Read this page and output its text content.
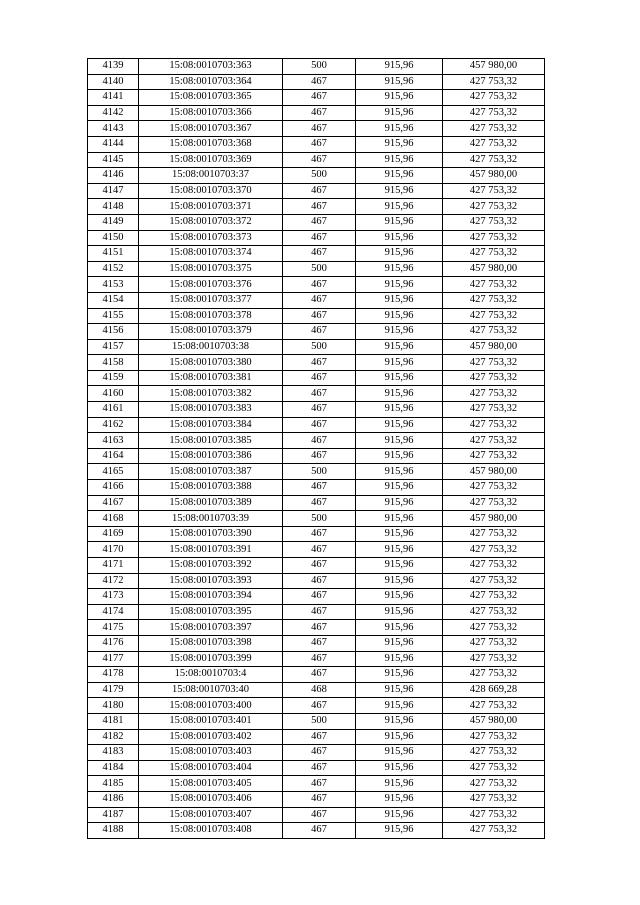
4139	15:08:0010703:363	500	915,96	457 980,00
4140	15:08:0010703:364	467	915,96	427 753,32
4141	15:08:0010703:365	467	915,96	427 753,32
4142	15:08:0010703:366	467	915,96	427 753,32
4143	15:08:0010703:367	467	915,96	427 753,32
4144	15:08:0010703:368	467	915,96	427 753,32
4145	15:08:0010703:369	467	915,96	427 753,32
4146	15:08:0010703:37	500	915,96	457 980,00
4147	15:08:0010703:370	467	915,96	427 753,32
4148	15:08:0010703:371	467	915,96	427 753,32
4149	15:08:0010703:372	467	915,96	427 753,32
4150	15:08:0010703:373	467	915,96	427 753,32
4151	15:08:0010703:374	467	915,96	427 753,32
4152	15:08:0010703:375	500	915,96	457 980,00
4153	15:08:0010703:376	467	915,96	427 753,32
4154	15:08:0010703:377	467	915,96	427 753,32
4155	15:08:0010703:378	467	915,96	427 753,32
4156	15:08:0010703:379	467	915,96	427 753,32
4157	15:08:0010703:38	500	915,96	457 980,00
4158	15:08:0010703:380	467	915,96	427 753,32
4159	15:08:0010703:381	467	915,96	427 753,32
4160	15:08:0010703:382	467	915,96	427 753,32
4161	15:08:0010703:383	467	915,96	427 753,32
4162	15:08:0010703:384	467	915,96	427 753,32
4163	15:08:0010703:385	467	915,96	427 753,32
4164	15:08:0010703:386	467	915,96	427 753,32
4165	15:08:0010703:387	500	915,96	457 980,00
4166	15:08:0010703:388	467	915,96	427 753,32
4167	15:08:0010703:389	467	915,96	427 753,32
4168	15:08:0010703:39	500	915,96	457 980,00
4169	15:08:0010703:390	467	915,96	427 753,32
4170	15:08:0010703:391	467	915,96	427 753,32
4171	15:08:0010703:392	467	915,96	427 753,32
4172	15:08:0010703:393	467	915,96	427 753,32
4173	15:08:0010703:394	467	915,96	427 753,32
4174	15:08:0010703:395	467	915,96	427 753,32
4175	15:08:0010703:397	467	915,96	427 753,32
4176	15:08:0010703:398	467	915,96	427 753,32
4177	15:08:0010703:399	467	915,96	427 753,32
4178	15:08:0010703:4	467	915,96	427 753,32
4179	15:08:0010703:40	468	915,96	428 669,28
4180	15:08:0010703:400	467	915,96	427 753,32
4181	15:08:0010703:401	500	915,96	457 980,00
4182	15:08:0010703:402	467	915,96	427 753,32
4183	15:08:0010703:403	467	915,96	427 753,32
4184	15:08:0010703:404	467	915,96	427 753,32
4185	15:08:0010703:405	467	915,96	427 753,32
4186	15:08:0010703:406	467	915,96	427 753,32
4187	15:08:0010703:407	467	915,96	427 753,32
4188	15:08:0010703:408	467	915,96	427 753,32
